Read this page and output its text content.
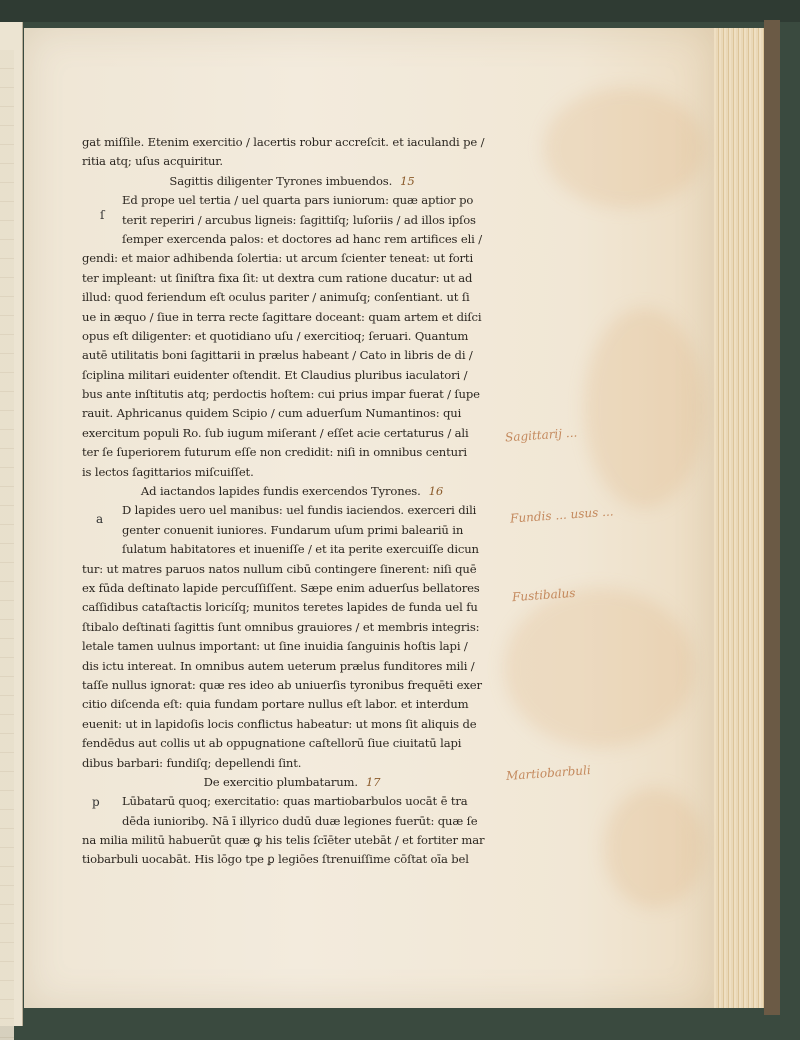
gat miſſile. Etenim exercitio / lacertis robur accreſcit. et iaculandi pe /
ritia atq; uſus acquiritur.
Sagittis diligenter Tyrones imbuendos. 15
Ed prope uel tertia / uel quarta pars iuniorum: quæ aptior po
terit reperiri / arcubus ligneis: ſagittiſq; luſoriis / ad illos ipſos
ſemper exercenda palos: et doctores ad hanc rem artifices eli /
gendi: et maior adhibenda ſolertia: ut arcum ſcienter teneat: ut forti
ter impleant: ut ſiniſtra fixa ſit: ut dextra cum ratione ducatur: ut ad
illud: quod feriendum eſt oculus pariter / animuſq; conſentiant. ut ſi
ue in æquo / ſiue in terra recte ſagittare doceant: quam artem et diſci
opus eſt diligenter: et quotidiano uſu / exercitioq; ſeruari. Quantum
autē utilitatis boni ſagittarii in prælus habeant / Cato in libris de di /
ſciplina militari euidenter oſtendit. Et Claudius pluribus iaculatori /
bus ante inſtitutis atq; perdoctis hoſtem: cui prius impar fuerat / ſupe
rauit. Aphricanus quidem Scipio / cum aduerſum Numantinos: qui
exercitum populi Ro. ſub iugum miſerant / eſſet acie certaturus / ali
ter ſe ſuperiorem futurum eſſe non credidit: niſi in omnibus centuri
is lectos ſagittarios miſcuiſſet.
Ad iactandos lapides fundis exercendos Tyrones. 16
D lapides uero uel manibus: uel fundis iaciendos. exerceri dili
genter conuenit iuniores. Fundarum uſum primi baleariū in
ſulatum habitatores et inueniſſe / et ita perite exercuiſſe dicun
tur: ut matres paruos natos nullum cibū contingere ſinerent: niſi quē
ex fūda deſtinato lapide percuſſiſſent. Sæpe enim aduerſus bellatores
caſſidibus cataſtactis loricíſq; munitos teretes lapides de funda uel fu
ſtibalo deſtinati ſagittis ſunt omnibus grauiores / et membris integris:
letale tamen uulnus important: ut ſine inuidia ſanguinis hoſtis lapi /
dis ictu intereat. In omnibus autem ueterum prælus funditores mili /
taſſe nullus ignorat: quæ res ideo ab uniuerſis tyronibus frequēti exer
citio diſcenda eſt: quia fundam portare nullus eſt labor. et interdum
euenit: ut in lapidoſis locis conflictus habeatur: ut mons ſit aliquis de
fendēdus aut collis ut ab oppugnatione caſtellorū ſiue ciuitatū lapi
dibus barbari: fundiſq; depellendi ſint.
De exercitio plumbatarum. 17
Lūbatarū quoq; exercitatio: quas martiobarbulos uocāt ē tra
dēda iunioribꝯ. Nā ī illyrico dudū duæ legiones fuerūt: quæ ſe
na milia militū habuerūt quæ ꝙ his telis ſcīēter utebāt / et fortiter mar
tiobarbuli uocabāt. His lōgo tpe ꝑ legiōes ſtrenuiſſime cōſtat oīa bel
ſ
a
p
Sagittarij ...
Fundis ... usus ...
Fustibalus
Martiobarbuli
